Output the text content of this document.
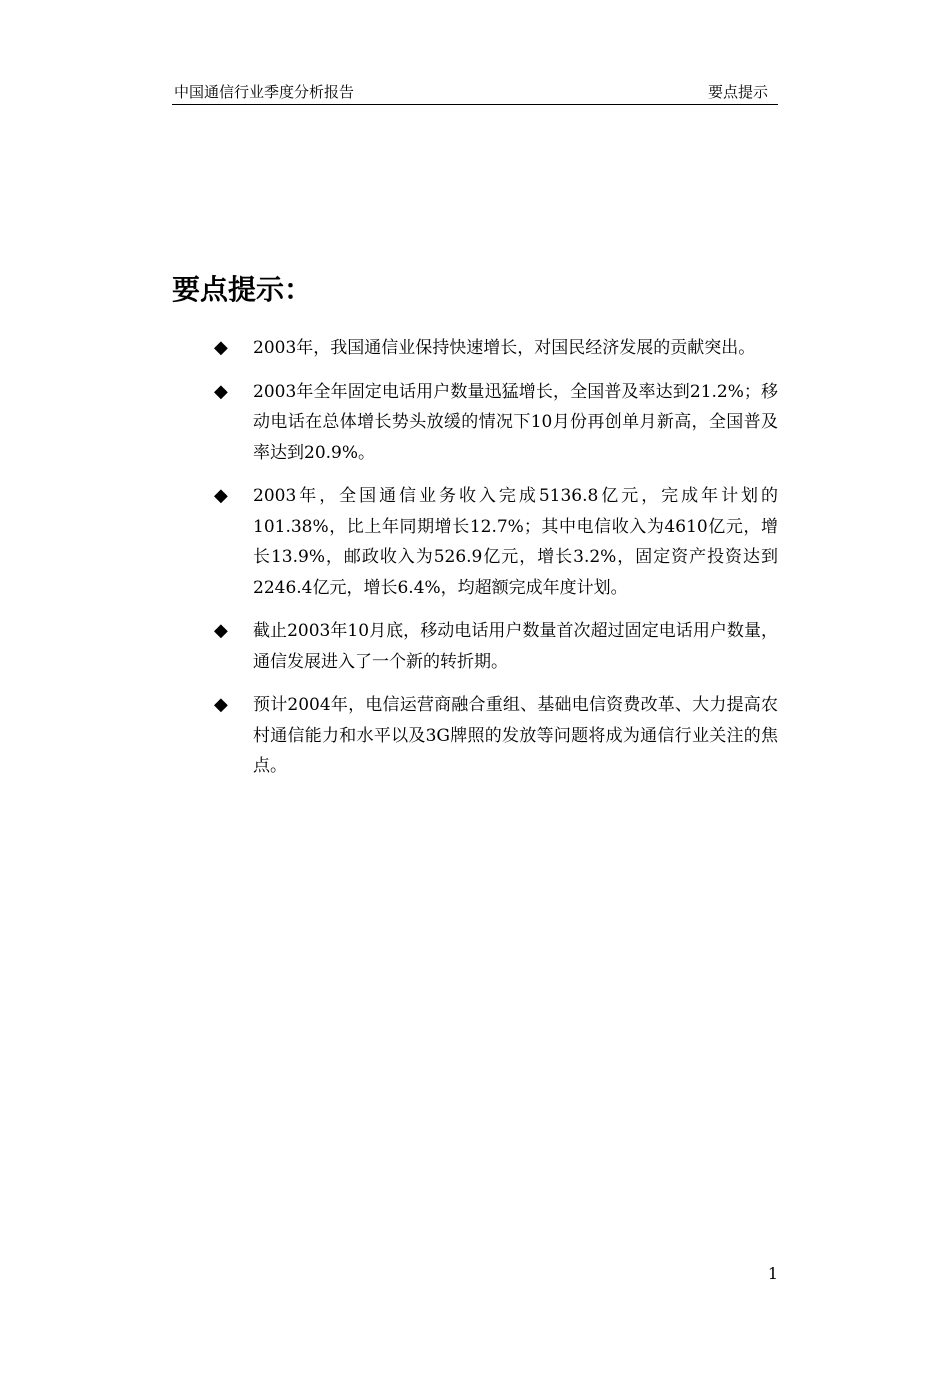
中国通信行业季度分析报告	要点提示
要点提示：
◆ 2003年，我国通信业保持快速增长，对国民经济发展的贡献突出。
◆ 2003年全年固定电话用户数量迅猛增长，全国普及率达到21.2%；移动电话在总体增长势头放缓的情况下10月份再创单月新高，全国普及率达到20.9%。
◆ 2003年，全国通信业务收入完成5136.8亿元，完成年计划的101.38%，比上年同期增长12.7%；其中电信收入为4610亿元，增长13.9%，邮政收入为526.9亿元，增长3.2%，固定资产投资达到2246.4亿元，增长6.4%，均超额完成年度计划。
◆ 截止2003年10月底，移动电话用户数量首次超过固定电话用户数量，通信发展进入了一个新的转折期。
◆ 预计2004年，电信运营商融合重组、基础电信资费改革、大力提高农村通信能力和水平以及3G牌照的发放等问题将成为通信行业关注的焦点。
1
